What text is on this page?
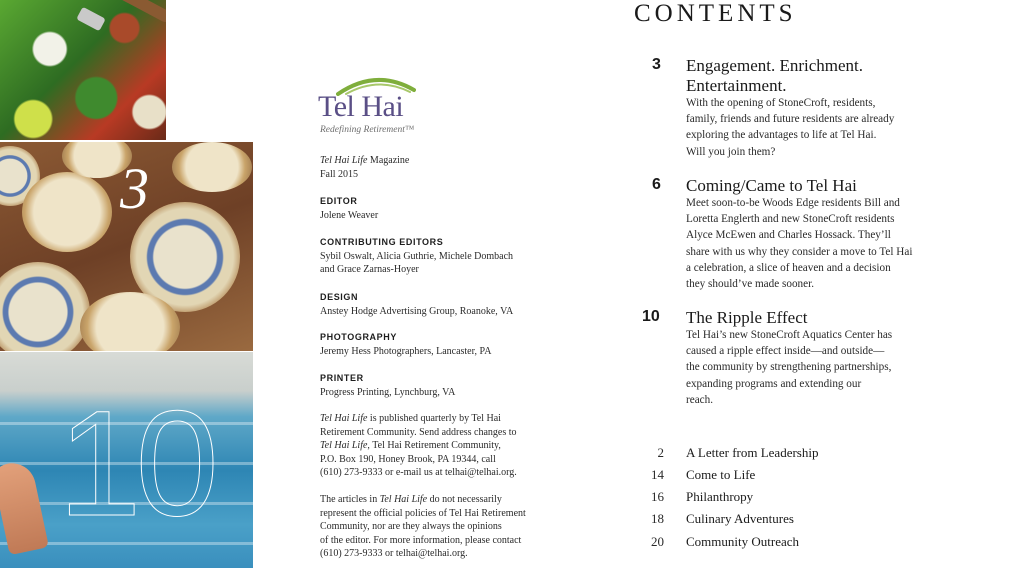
3
10
Tel Hai
Redefining Retirement™
Tel Hai Life Magazine
Fall 2015
EDITOR
Jolene Weaver
CONTRIBUTING EDITORS
Sybil Oswalt, Alicia Guthrie, Michele Dombach
and Grace Zarnas-Hoyer
DESIGN
Anstey Hodge Advertising Group, Roanoke, VA
PHOTOGRAPHY
Jeremy Hess Photographers, Lancaster, PA
PRINTER
Progress Printing, Lynchburg, VA
Tel Hai Life is published quarterly by Tel Hai
Retirement Community. Send address changes to
Tel Hai Life, Tel Hai Retirement Community,
P.O. Box 190, Honey Brook, PA 19344, call
(610) 273-9333 or e-mail us at telhai@telhai.org.
The articles in Tel Hai Life do not necessarily
represent the official policies of Tel Hai Retirement
Community, nor are they always the opinions
of the editor. For more information, please contact
(610) 273-9333 or telhai@telhai.org.
CONTENTS
3 Engagement. Enrichment.
Entertainment.
With the opening of StoneCroft, residents,
family, friends and future residents are already
exploring the advantages to life at Tel Hai.
Will you join them?
6 Coming/Came to Tel Hai
Meet soon-to-be Woods Edge residents Bill and
Loretta Englerth and new StoneCroft residents
Alyce McEwen and Charles Hossack. They’ll
share with us why they consider a move to Tel Hai
a celebration, a slice of heaven and a decision
they should’ve made sooner.
10 The Ripple Effect
Tel Hai’s new StoneCroft Aquatics Center has
caused a ripple effect inside—and outside—
the community by strengthening partnerships,
expanding programs and extending our
reach.
2 A Letter from Leadership
14 Come to Life
16 Philanthropy
18 Culinary Adventures
20 Community Outreach
